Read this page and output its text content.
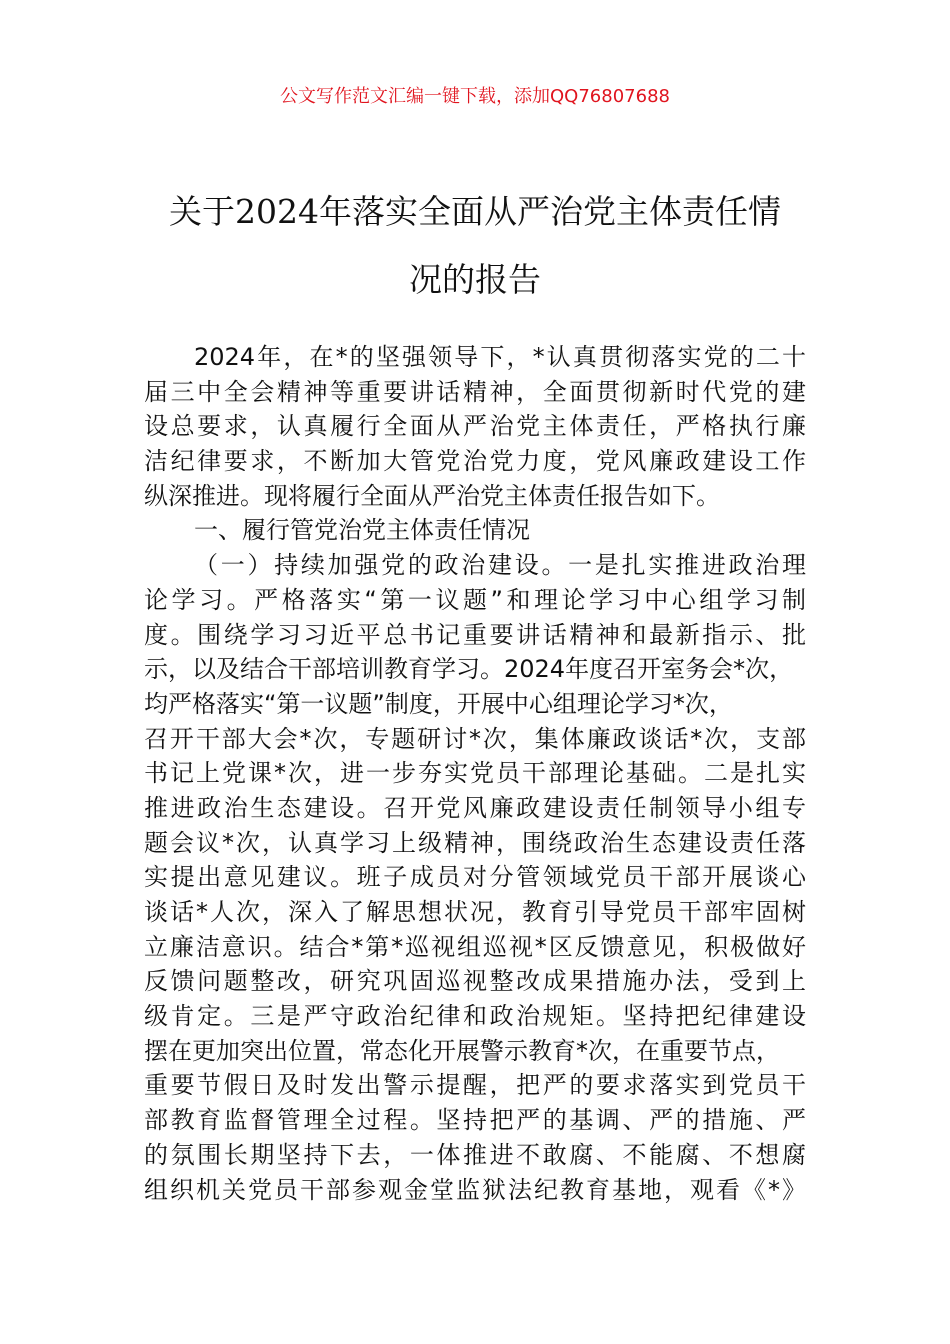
公文写作范文汇编一键下载，添加QQ76807688
关于2024年落实全面从严治党主体责任情
况的报告
2024年，在*的坚强领导下，*认真贯彻落实党的二十
届三中全会精神等重要讲话精神，全面贯彻新时代党的建
设总要求，认真履行全面从严治党主体责任，严格执行廉
洁纪律要求，不断加大管党治党力度，党风廉政建设工作
纵深推进。现将履行全面从严治党主体责任报告如下。
一、履行管党治党主体责任情况
（一）持续加强党的政治建设。一是扎实推进政治理
论学习。严格落实“第一议题”和理论学习中心组学习制
度。围绕学习习近平总书记重要讲话精神和最新指示、批
示，以及结合干部培训教育学习。2024年度召开室务会*次，
均严格落实“第一议题”制度，开展中心组理论学习*次，
召开干部大会*次，专题研讨*次，集体廉政谈话*次，支部
书记上党课*次，进一步夯实党员干部理论基础。二是扎实
推进政治生态建设。召开党风廉政建设责任制领导小组专
题会议*次，认真学习上级精神，围绕政治生态建设责任落
实提出意见建议。班子成员对分管领域党员干部开展谈心
谈话*人次，深入了解思想状况，教育引导党员干部牢固树
立廉洁意识。结合*第*巡视组巡视*区反馈意见，积极做好
反馈问题整改，研究巩固巡视整改成果措施办法，受到上
级肯定。三是严守政治纪律和政治规矩。坚持把纪律建设
摆在更加突出位置，常态化开展警示教育*次，在重要节点，
重要节假日及时发出警示提醒，把严的要求落实到党员干
部教育监督管理全过程。坚持把严的基调、严的措施、严
的氛围长期坚持下去，一体推进不敢腐、不能腐、不想腐
组织机关党员干部参观金堂监狱法纪教育基地，观看《*》
